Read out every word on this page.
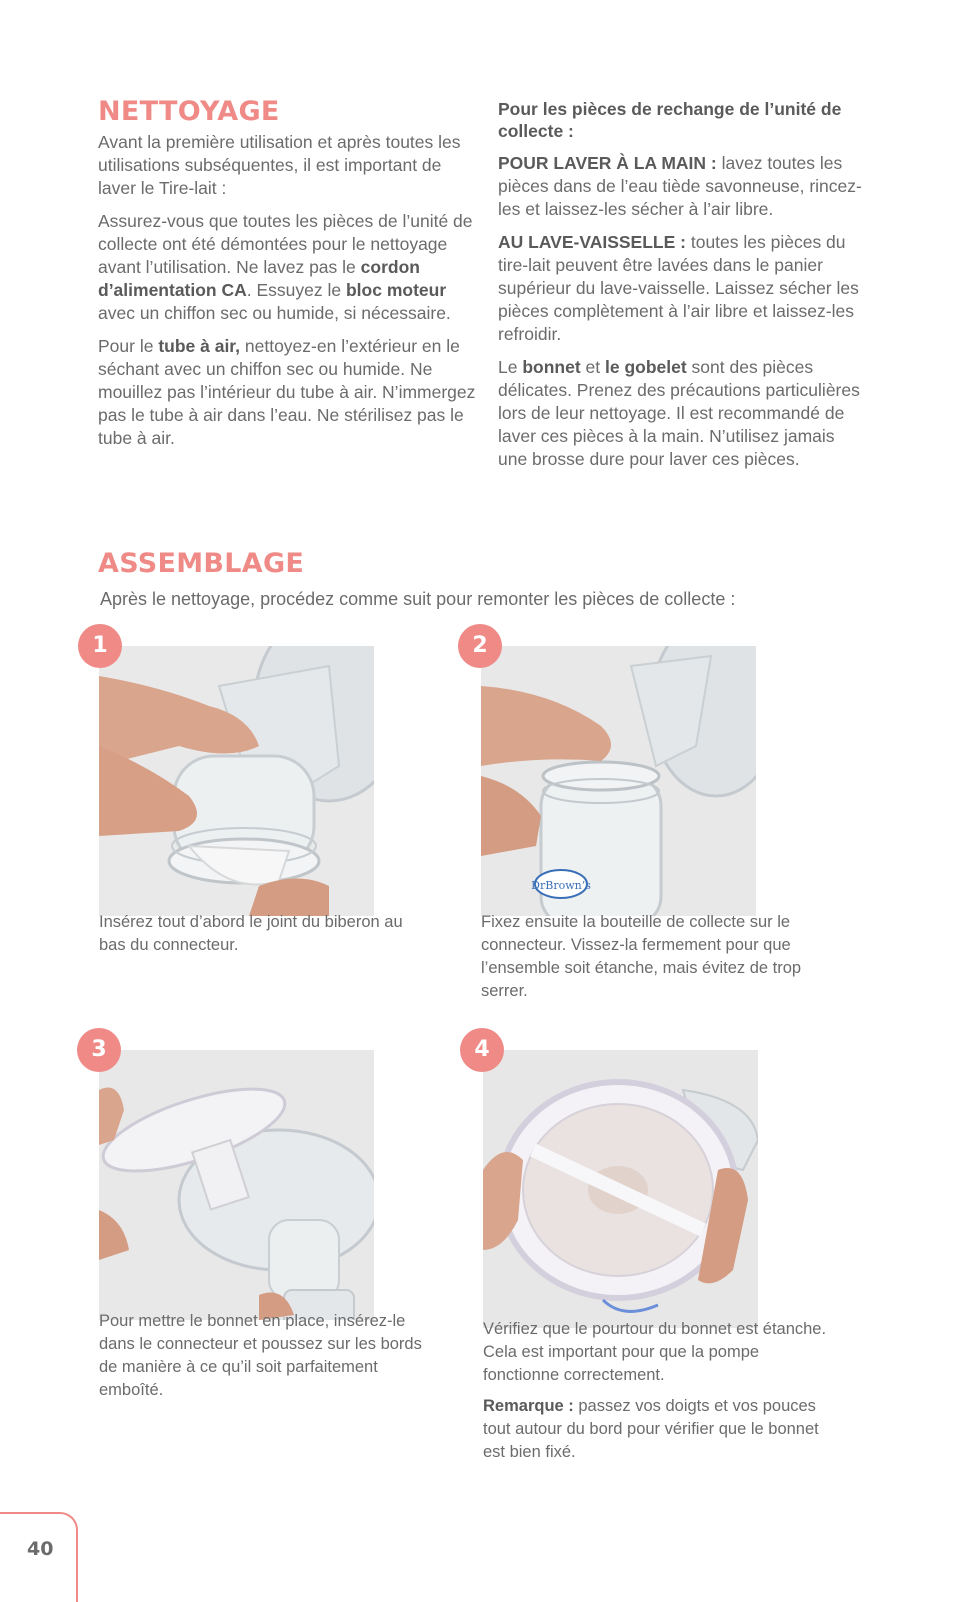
NETTOYAGE

Avant la première utilisation et après toutes les utilisations subséquentes, il est important de laver le Tire-lait :

Assurez-vous que toutes les pièces de l’unité de collecte ont été démontées pour le nettoyage avant l’utilisation. Ne lavez pas le cordon d’alimentation CA. Essuyez le bloc moteur avec un chiffon sec ou humide, si nécessaire.

Pour le tube à air, nettoyez-en l’extérieur en le séchant avec un chiffon sec ou humide. Ne mouillez pas l’intérieur du tube à air. N’immergez pas le tube à air dans l’eau. Ne stérilisez pas le tube à air.

Pour les pièces de rechange de l’unité de collecte :

POUR LAVER À LA MAIN : lavez toutes les pièces dans de l’eau tiède savonneuse, rincez-les et laissez-les sécher à l’air libre.

AU LAVE-VAISSELLE : toutes les pièces du tire-lait peuvent être lavées dans le panier supérieur du lave-vaisselle. Laissez sécher les pièces complètement à l’air libre et laissez-les refroidir.

Le bonnet et le gobelet sont des pièces délicates. Prenez des précautions particulières lors de leur nettoyage. Il est recommandé de laver ces pièces à la main. N’utilisez jamais une brosse dure pour laver ces pièces.

ASSEMBLAGE

Après le nettoyage, procédez comme suit pour remonter les pièces de collecte :

1
Insérez tout d’abord le joint du biberon au bas du connecteur.
2
DrBrown’s
Fixez ensuite la bouteille de collecte sur le connecteur. Vissez-la fermement pour que l’ensemble soit étanche, mais évitez de trop serrer.
3
Pour mettre le bonnet en place, insérez-le dans le connecteur et poussez sur les bords de manière à ce qu’il soit parfaitement emboîté.
4

Vérifiez que le pourtour du bonnet est étanche. Cela est important pour que la pompe fonctionne correctement.

Remarque : passez vos doigts et vos pouces tout autour du bord pour vérifier que le bonnet est bien fixé.

40
